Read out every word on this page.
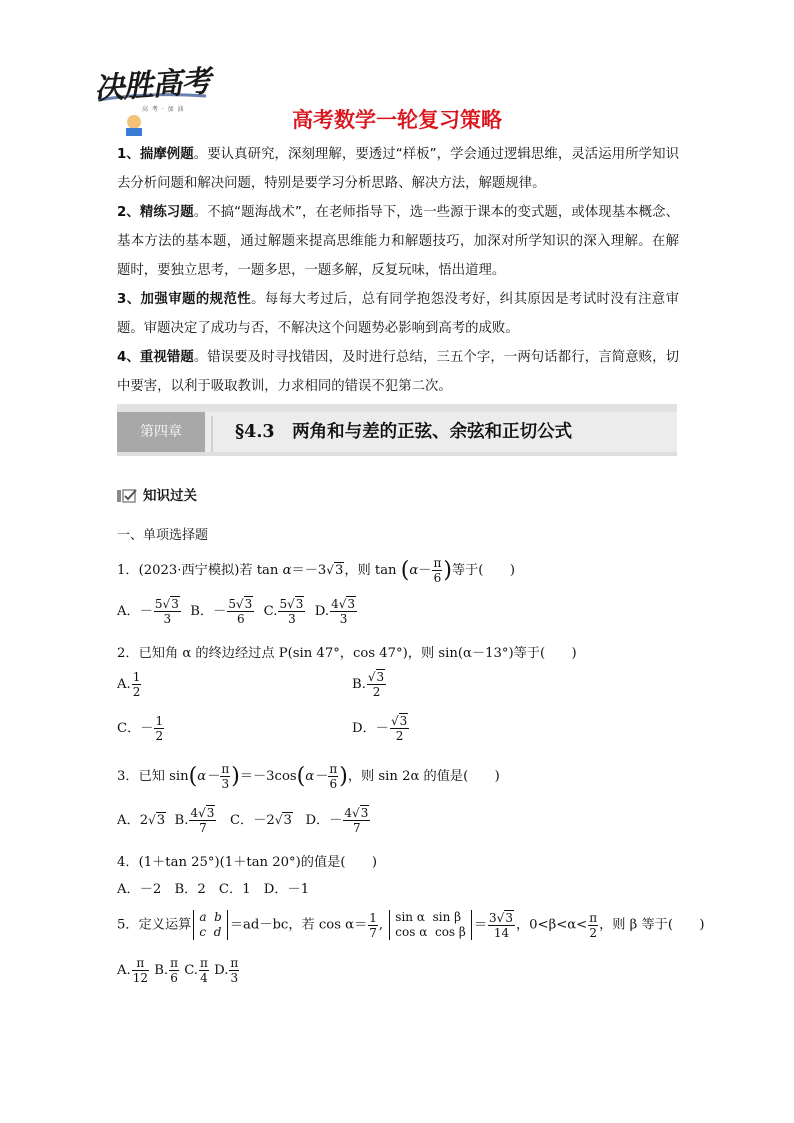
决胜高考
高 考 · 加 油	高考数学一轮复习策略

1、揣摩例题。要认真研究，深刻理解，要透过“样板”，学会通过逻辑思维，灵活运用所学知识去分析问题和解决问题，特别是要学习分析思路、解决方法，解题规律。

2、精练习题。不搞“题海战术”，在老师指导下，选一些源于课本的变式题，或体现基本概念、基本方法的基本题，通过解题来提高思维能力和解题技巧，加深对所学知识的深入理解。在解题时，要独立思考，一题多思，一题多解，反复玩味，悟出道理。

3、加强审题的规范性。每每大考过后，总有同学抱怨没考好，纠其原因是考试时没有注意审题。审题决定了成功与否，不解决这个问题势必影响到高考的成败。

4、重视错题。错误要及时寻找错因，及时进行总结，三五个字，一两句话都行，言简意赅，切中要害，以利于吸取教训，力求相同的错误不犯第二次。

第四章	§4.3　两角和与差的正弦、余弦和正切公式
知识过关
一、单项选择题
1．(2023·西宁模拟)若 tan α＝－3√3，则 $\tan (\alpha- \frac{\pi}{6}$ )等于(　　)
A．－ $\frac{5√3}{3}$ B．－ $\frac{5√3}{6} C$. $\frac{5√3}{3} D$. $\frac{4√3}{3}$
2．已知角 α 的终边经过点 P(sin 47°，cos 47°)，则 sin(α－13°)等于(　　)
A. $\frac{1}{2}$	B. $\frac{√3}{2}$
C．－ $\frac{1}{2}$	D．－ $\frac{√3}{2}$
3．已知 $\sin(\alpha- \frac{\pi}{3} )=-3\cos(\alpha- \frac{\pi}{6}$ )，则 sin 2α 的值是(　　)
A．2√3 B. $\frac{4√3}{7}$ C．－2√3 D．－ $\frac{4√3}{7}$
4．(1＋tan 25°)(1＋tan 20°)的值是(　　)
A．－2　B．2　C．1　D．－1
5．定义运算
a b
c d ＝ad－bc，若 $\cos \alpha= \frac{1}{7}$ ,
sin α sin β
cos α $\cos \beta = \frac{3√3}{14}$ ，$0<\beta<\alpha< \frac{\pi}{2}$ ，则 β 等于(　　)
A. $\frac{\pi}{12} B$. $\frac{\pi}{6} C$. $\frac{\pi}{4} D$. $\frac{\pi}{3}$
